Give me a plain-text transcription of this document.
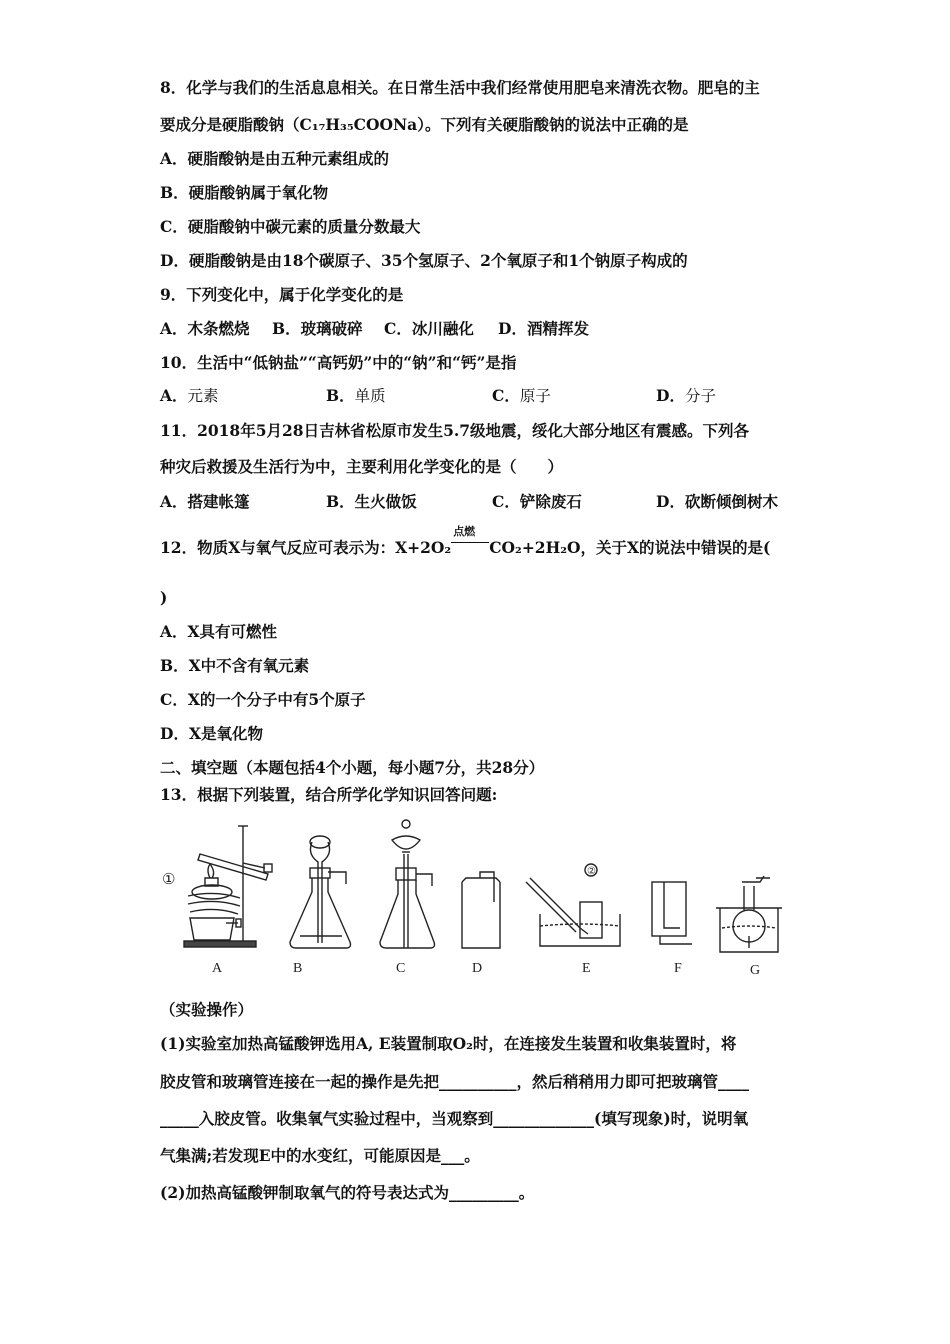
8．化学与我们的生活息息相关。在日常生活中我们经常使用肥皂来清洗衣物。肥皂的主
要成分是硬脂酸钠（C₁₇H₃₅COONa）。下列有关硬脂酸钠的说法中正确的是
A．硬脂酸钠是由五种元素组成的
B．硬脂酸钠属于氧化物
C．硬脂酸钠中碳元素的质量分数最大
D．硬脂酸钠是由18个碳原子、35个氢原子、2个氧原子和1个钠原子构成的
9．下列变化中，属于化学变化的是
A．木条燃烧 B．玻璃破碎 C．冰川融化 D．酒精挥发
10．生活中“低钠盐”“高钙奶”中的“钠”和“钙”是指
A．元素	B．单质	C．原子	D．分子
11．2018年5月28日吉林省松原市发生5.7级地震，绥化大部分地区有震感。下列各
种灾后救援及生活行为中，主要利用化学变化的是（　　）
A．搭建帐篷	B．生火做饭	C．铲除废石	D．砍断倾倒树木
12．物质X与氧气反应可表示为：X+2O₂
点燃
CO₂+2H₂O，关于X的说法中错误的是(
)
A．X具有可燃性
B．X中不含有氧元素
C．X的一个分子中有5个原子
D．X是氧化物
二、填空题（本题包括4个小题，每小题7分，共28分）
13．根据下列装置，结合所学化学知识回答问题:
①
A	B	C	D
②
E	F	G
（实验操作）
(1)实验室加热高锰酸钾选用A, E装置制取O₂时，在连接发生装置和收集装置时，将
胶皮管和玻璃管连接在一起的操作是先把__________，然后稍稍用力即可把玻璃管____
_____入胶皮管。收集氧气实验过程中，当观察到_____________(填写现象)时，说明氧
气集满;若发现E中的水变红，可能原因是___。
(2)加热高锰酸钾制取氧气的符号表达式为_________。
